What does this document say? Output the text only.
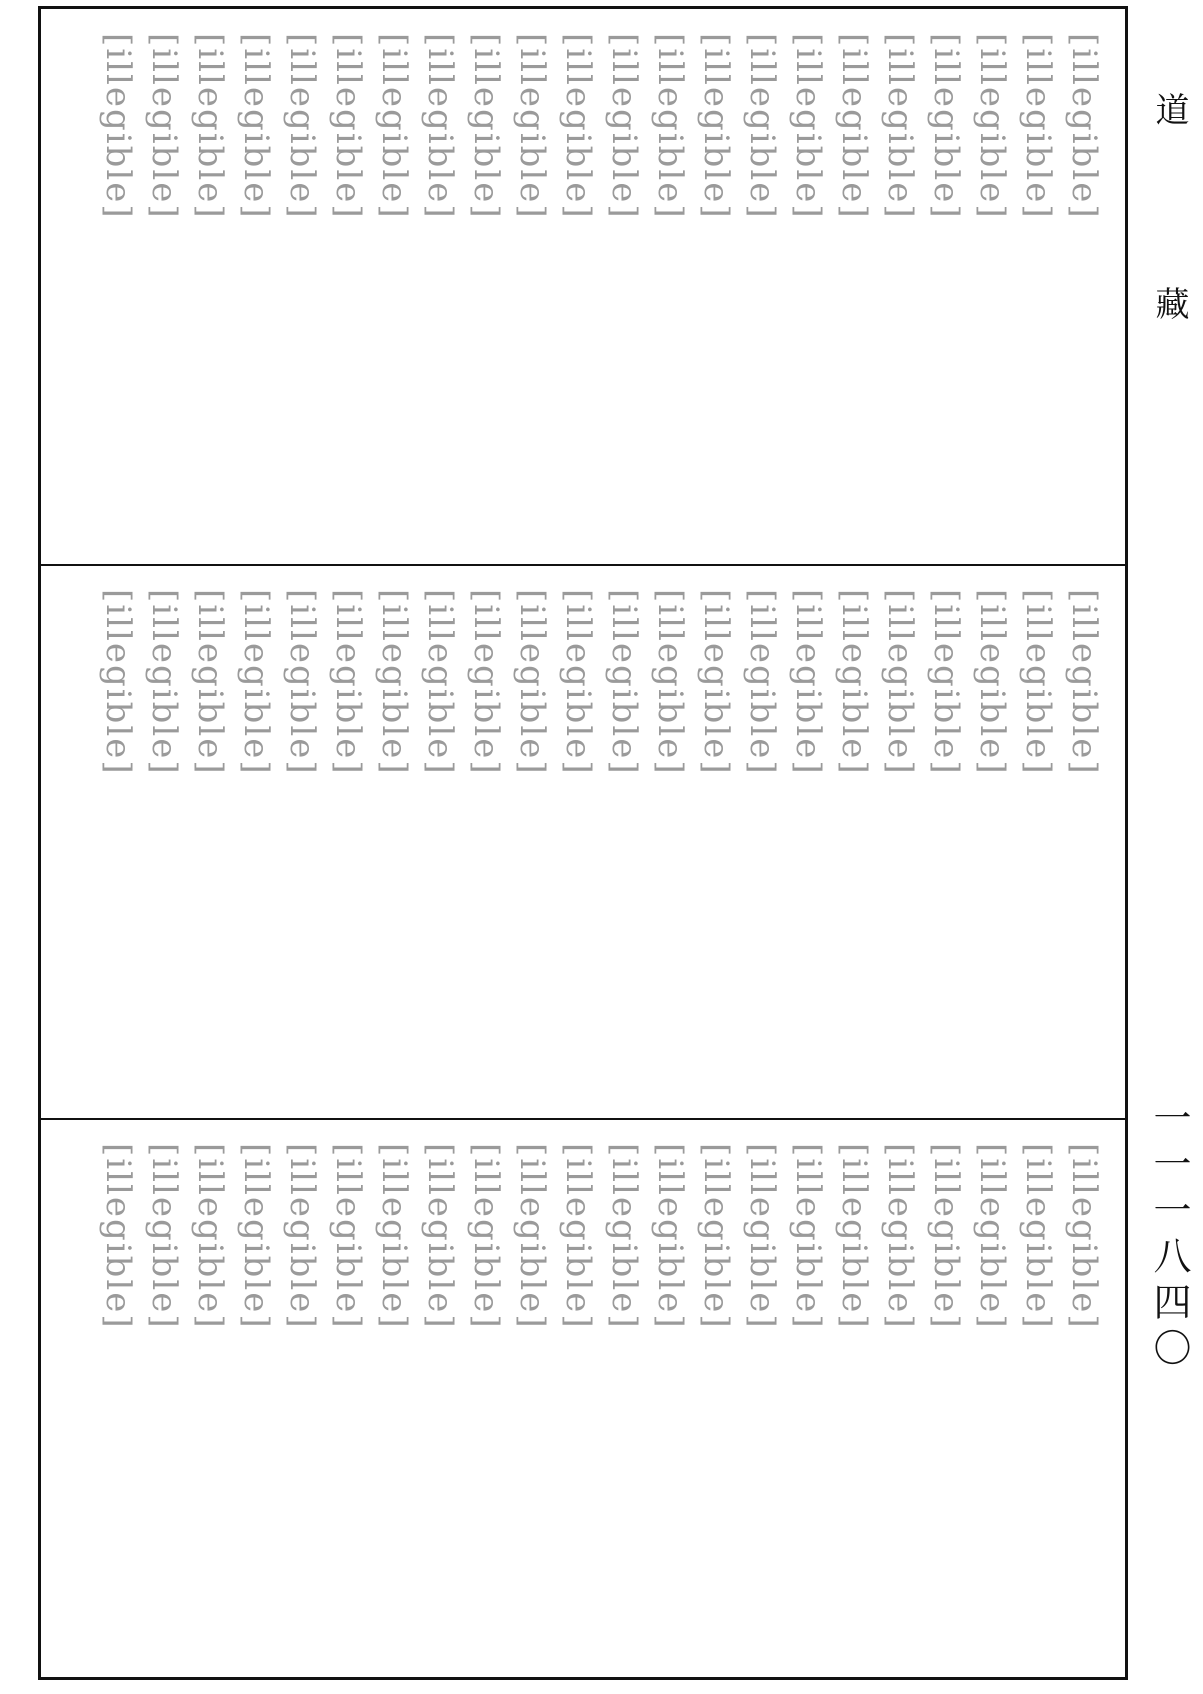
[illegible]
[illegible]
[illegible]
[illegible]
[illegible]
[illegible]
[illegible]
[illegible]
[illegible]
[illegible]
[illegible]
[illegible]
[illegible]
[illegible]
[illegible]
[illegible]
[illegible]
[illegible]
[illegible]
[illegible]
[illegible]
[illegible]
[illegible]
[illegible]
[illegible]
[illegible]
[illegible]
[illegible]
[illegible]
[illegible]
[illegible]
[illegible]
[illegible]
[illegible]
[illegible]
[illegible]
[illegible]
[illegible]
[illegible]
[illegible]
[illegible]
[illegible]
[illegible]
[illegible]
[illegible]
[illegible]
[illegible]
[illegible]
[illegible]
[illegible]
[illegible]
[illegible]
[illegible]
[illegible]
[illegible]
[illegible]
[illegible]
[illegible]
[illegible]
[illegible]
[illegible]
[illegible]
[illegible]
[illegible]
[illegible]
[illegible]
道藏
一一一八四〇
